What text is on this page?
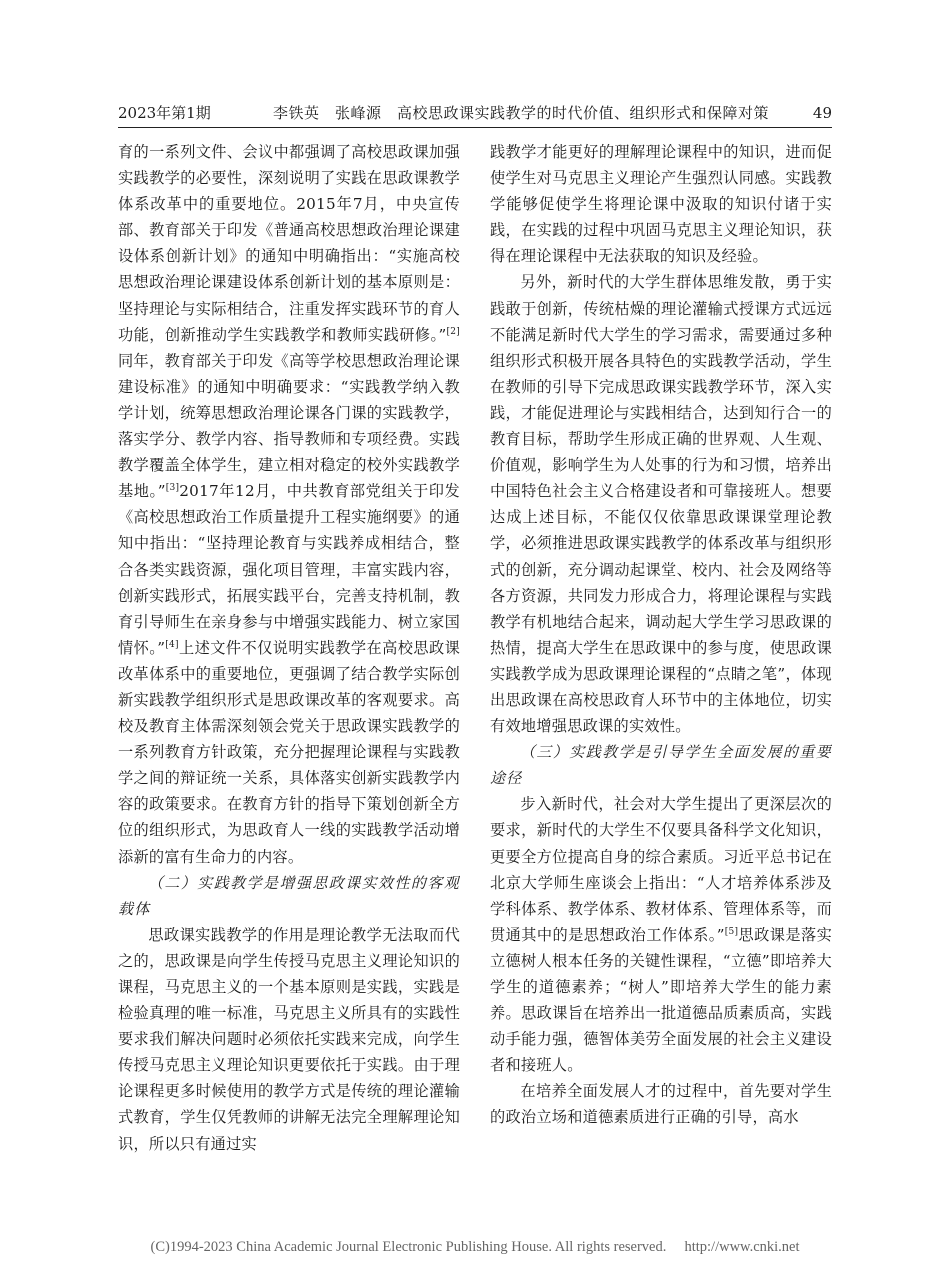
2023年第1期	李铁英　张峰源　高校思政课实践教学的时代价值、组织形式和保障对策	49

育的一系列文件、会议中都强调了高校思政课加强实践教学的必要性，深刻说明了实践在思政课教学体系改革中的重要地位。2015年7月，中央宣传部、教育部关于印发《普通高校思想政治理论课建设体系创新计划》的通知中明确指出：“实施高校思想政治理论课建设体系创新计划的基本原则是：坚持理论与实际相结合，注重发挥实践环节的育人功能，创新推动学生实践教学和教师实践研修。”[2]同年，教育部关于印发《高等学校思想政治理论课建设标准》的通知中明确要求：“实践教学纳入教学计划，统筹思想政治理论课各门课的实践教学，落实学分、教学内容、指导教师和专项经费。实践教学覆盖全体学生，建立相对稳定的校外实践教学基地。”[3]2017年12月，中共教育部党组关于印发《高校思想政治工作质量提升工程实施纲要》的通知中指出：“坚持理论教育与实践养成相结合，整合各类实践资源，强化项目管理，丰富实践内容，创新实践形式，拓展实践平台，完善支持机制，教育引导师生在亲身参与中增强实践能力、树立家国情怀。”[4]上述文件不仅说明实践教学在高校思政课改革体系中的重要地位，更强调了结合教学实际创新实践教学组织形式是思政课改革的客观要求。高校及教育主体需深刻领会党关于思政课实践教学的一系列教育方针政策，充分把握理论课程与实践教学之间的辩证统一关系，具体落实创新实践教学内容的政策要求。在教育方针的指导下策划创新全方位的组织形式，为思政育人一线的实践教学活动增添新的富有生命力的内容。

（二）实践教学是增强思政课实效性的客观载体

思政课实践教学的作用是理论教学无法取而代之的，思政课是向学生传授马克思主义理论知识的课程，马克思主义的一个基本原则是实践，实践是检验真理的唯一标准，马克思主义所具有的实践性要求我们解决问题时必须依托实践来完成，向学生传授马克思主义理论知识更要依托于实践。由于理论课程更多时候使用的教学方式是传统的理论灌输式教育，学生仅凭教师的讲解无法完全理解理论知识，所以只有通过实

践教学才能更好的理解理论课程中的知识，进而促使学生对马克思主义理论产生强烈认同感。实践教学能够促使学生将理论课中汲取的知识付诸于实践，在实践的过程中巩固马克思主义理论知识，获得在理论课程中无法获取的知识及经验。

另外，新时代的大学生群体思维发散，勇于实践敢于创新，传统枯燥的理论灌输式授课方式远远不能满足新时代大学生的学习需求，需要通过多种组织形式积极开展各具特色的实践教学活动，学生在教师的引导下完成思政课实践教学环节，深入实践，才能促进理论与实践相结合，达到知行合一的教育目标，帮助学生形成正确的世界观、人生观、价值观，影响学生为人处事的行为和习惯，培养出中国特色社会主义合格建设者和可靠接班人。想要达成上述目标，不能仅仅依靠思政课课堂理论教学，必须推进思政课实践教学的体系改革与组织形式的创新，充分调动起课堂、校内、社会及网络等各方资源，共同发力形成合力，将理论课程与实践教学有机地结合起来，调动起大学生学习思政课的热情，提高大学生在思政课中的参与度，使思政课实践教学成为思政课理论课程的“点睛之笔”，体现出思政课在高校思政育人环节中的主体地位，切实有效地增强思政课的实效性。

（三）实践教学是引导学生全面发展的重要途径

步入新时代，社会对大学生提出了更深层次的要求，新时代的大学生不仅要具备科学文化知识，更要全方位提高自身的综合素质。习近平总书记在北京大学师生座谈会上指出：“人才培养体系涉及学科体系、教学体系、教材体系、管理体系等，而贯通其中的是思想政治工作体系。”[5]思政课是落实立德树人根本任务的关键性课程，“立德”即培养大学生的道德素养；“树人”即培养大学生的能力素养。思政课旨在培养出一批道德品质素质高，实践动手能力强，德智体美劳全面发展的社会主义建设者和接班人。

在培养全面发展人才的过程中，首先要对学生的政治立场和道德素质进行正确的引导，高水

(C)1994-2023 China Academic Journal Electronic Publishing House. All rights reserved.　 http://www.cnki.net
